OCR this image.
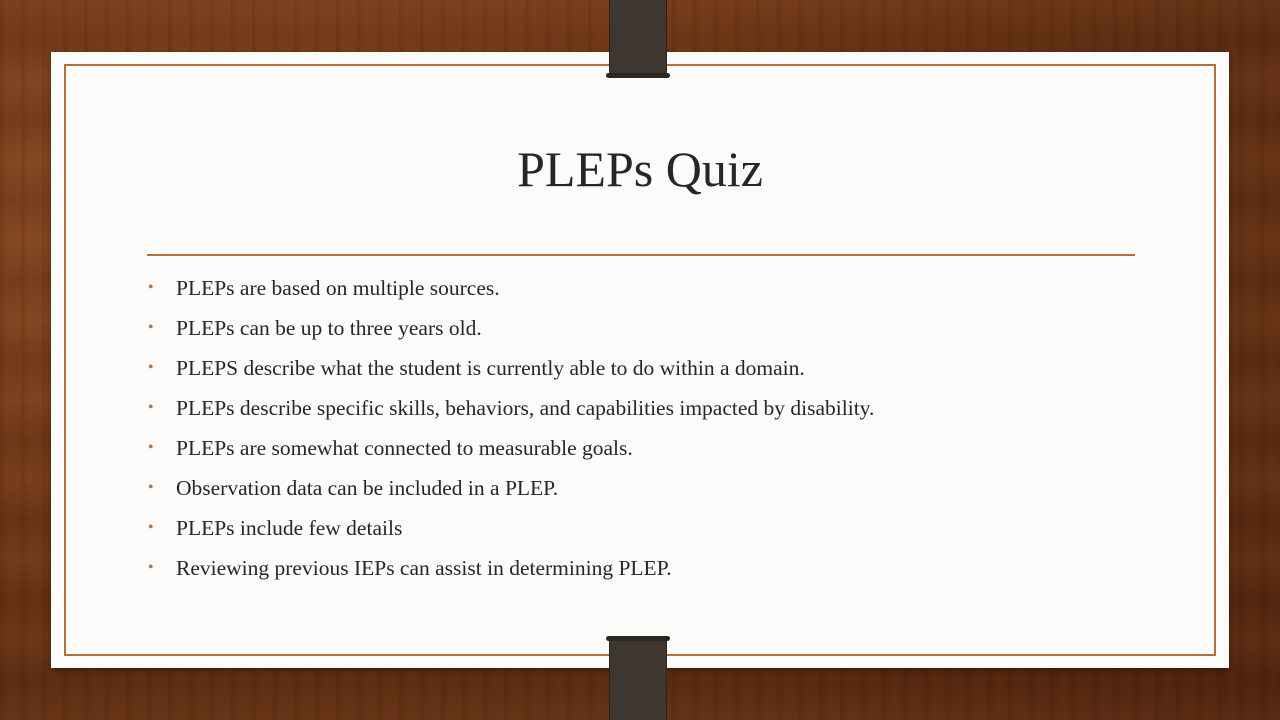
PLEPs Quiz
• PLEPs are based on multiple sources.
• PLEPs can be up to three years old.
• PLEPS describe what the student is currently able to do within a domain.
• PLEPs describe specific skills, behaviors, and capabilities impacted by disability.
• PLEPs are somewhat connected to measurable goals.
• Observation data can be included in a PLEP.
• PLEPs include few details
• Reviewing previous IEPs can assist in determining PLEP.
